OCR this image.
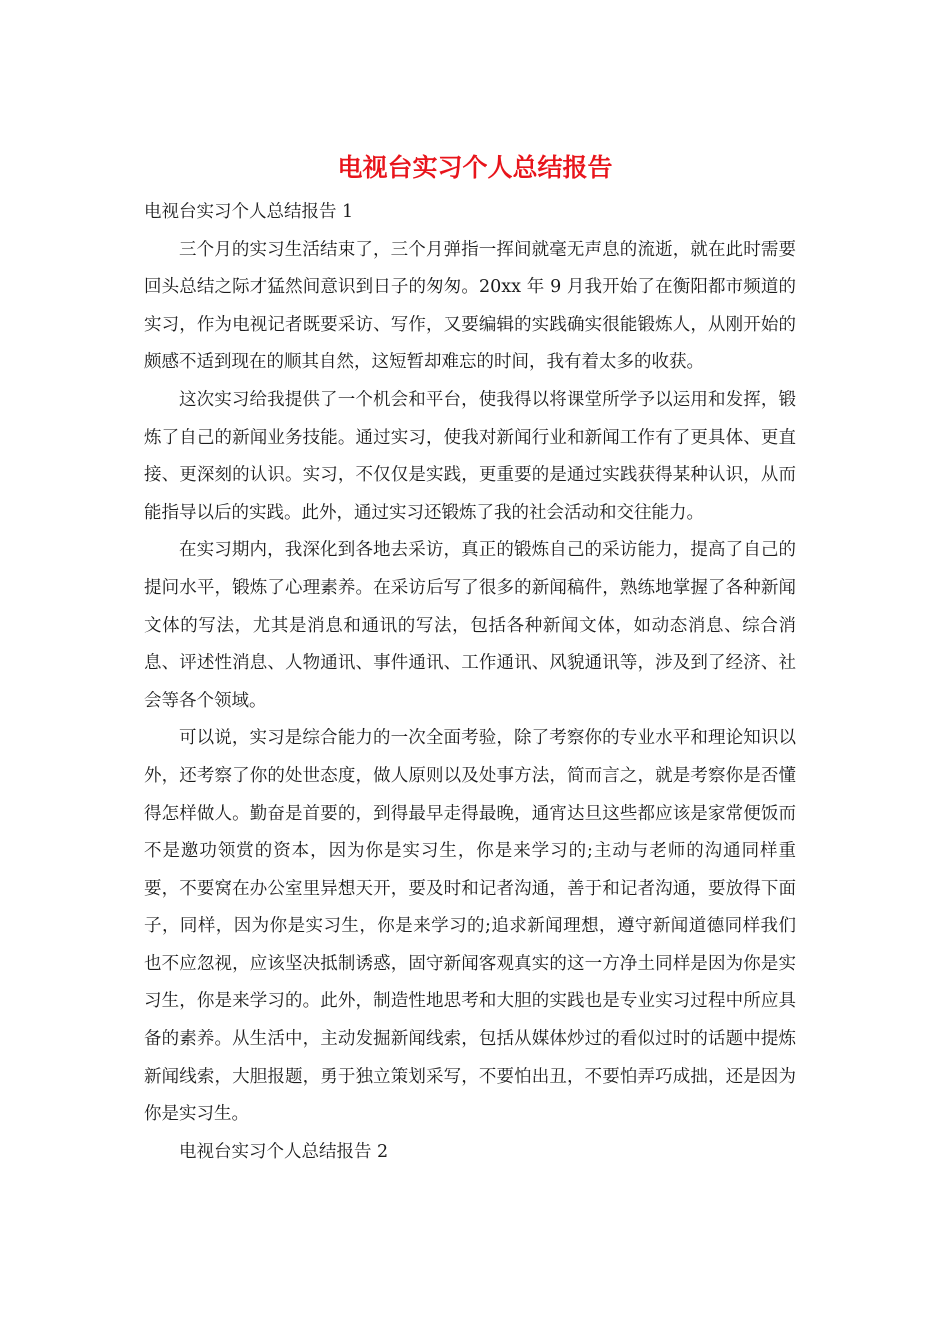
电视台实习个人总结报告

电视台实习个人总结报告 1

三个月的实习生活结束了，三个月弹指一挥间就毫无声息的流逝，就在此时需要回头总结之际才猛然间意识到日子的匆匆。20xx 年 9 月我开始了在衡阳都市频道的实习，作为电视记者既要采访、写作，又要编辑的实践确实很能锻炼人，从刚开始的颇感不适到现在的顺其自然，这短暂却难忘的时间，我有着太多的收获。

这次实习给我提供了一个机会和平台，使我得以将课堂所学予以运用和发挥，锻炼了自己的新闻业务技能。通过实习，使我对新闻行业和新闻工作有了更具体、更直接、更深刻的认识。实习，不仅仅是实践，更重要的是通过实践获得某种认识，从而能指导以后的实践。此外，通过实习还锻炼了我的社会活动和交往能力。

在实习期内，我深化到各地去采访，真正的锻炼自己的采访能力，提高了自己的提问水平，锻炼了心理素养。在采访后写了很多的新闻稿件，熟练地掌握了各种新闻文体的写法，尤其是消息和通讯的写法，包括各种新闻文体，如动态消息、综合消息、评述性消息、人物通讯、事件通讯、工作通讯、风貌通讯等，涉及到了经济、社会等各个领域。

可以说，实习是综合能力的一次全面考验，除了考察你的专业水平和理论知识以外，还考察了你的处世态度，做人原则以及处事方法，简而言之，就是考察你是否懂得怎样做人。勤奋是首要的，到得最早走得最晚，通宵达旦这些都应该是家常便饭而不是邀功领赏的资本，因为你是实习生，你是来学习的;主动与老师的沟通同样重要，不要窝在办公室里异想天开，要及时和记者沟通，善于和记者沟通，要放得下面子，同样，因为你是实习生，你是来学习的;追求新闻理想，遵守新闻道德同样我们也不应忽视，应该坚决抵制诱惑，固守新闻客观真实的这一方净土同样是因为你是实习生，你是来学习的。此外，制造性地思考和大胆的实践也是专业实习过程中所应具备的素养。从生活中，主动发掘新闻线索，包括从媒体炒过的看似过时的话题中提炼新闻线索，大胆报题，勇于独立策划采写，不要怕出丑，不要怕弄巧成拙，还是因为你是实习生。

电视台实习个人总结报告 2
